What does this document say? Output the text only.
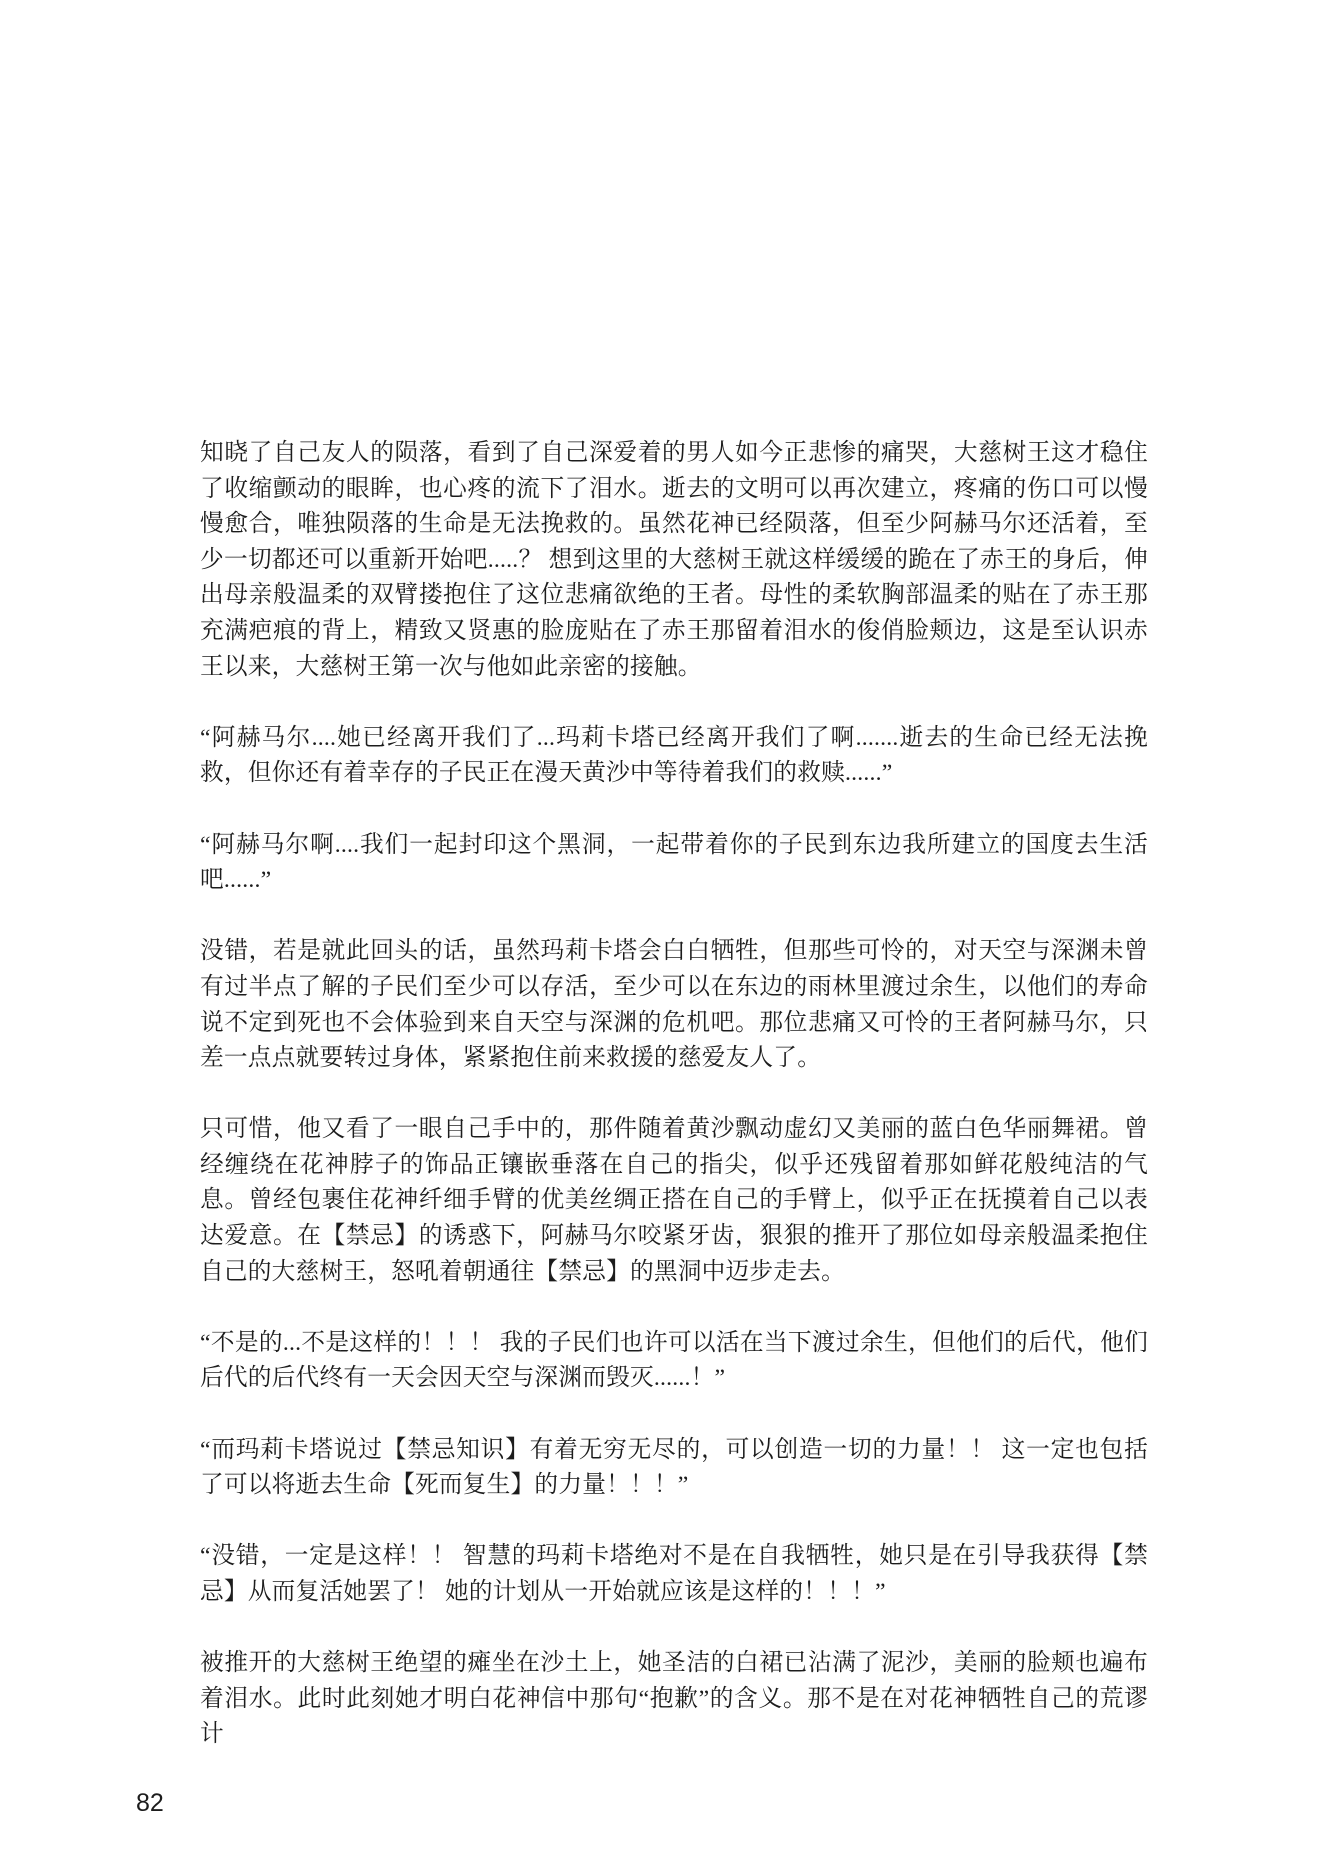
知晓了自己友人的陨落，看到了自己深爱着的男人如今正悲惨的痛哭，大慈树王这才稳住了收缩颤动的眼眸，也心疼的流下了泪水。逝去的文明可以再次建立，疼痛的伤口可以慢慢愈合，唯独陨落的生命是无法挽救的。虽然花神已经陨落，但至少阿赫马尔还活着，至少一切都还可以重新开始吧.....？ 想到这里的大慈树王就这样缓缓的跪在了赤王的身后，伸出母亲般温柔的双臂搂抱住了这位悲痛欲绝的王者。母性的柔软胸部温柔的贴在了赤王那充满疤痕的背上，精致又贤惠的脸庞贴在了赤王那留着泪水的俊俏脸颊边，这是至认识赤王以来，大慈树王第一次与他如此亲密的接触。

“阿赫马尔....她已经离开我们了...玛莉卡塔已经离开我们了啊.......逝去的生命已经无法挽救，但你还有着幸存的子民正在漫天黄沙中等待着我们的救赎......”

“阿赫马尔啊....我们一起封印这个黑洞，一起带着你的子民到东边我所建立的国度去生活吧......”

没错，若是就此回头的话，虽然玛莉卡塔会白白牺牲，但那些可怜的，对天空与深渊未曾有过半点了解的子民们至少可以存活，至少可以在东边的雨林里渡过余生，以他们的寿命说不定到死也不会体验到来自天空与深渊的危机吧。那位悲痛又可怜的王者阿赫马尔，只差一点点就要转过身体，紧紧抱住前来救援的慈爱友人了。

只可惜，他又看了一眼自己手中的，那件随着黄沙飘动虚幻又美丽的蓝白色华丽舞裙。曾经缠绕在花神脖子的饰品正镶嵌垂落在自己的指尖，似乎还残留着那如鲜花般纯洁的气息。曾经包裹住花神纤细手臂的优美丝绸正搭在自己的手臂上，似乎正在抚摸着自己以表达爱意。在【禁忌】的诱惑下，阿赫马尔咬紧牙齿，狠狠的推开了那位如母亲般温柔抱住自己的大慈树王，怒吼着朝通往【禁忌】的黑洞中迈步走去。

“不是的...不是这样的！！！ 我的子民们也许可以活在当下渡过余生，但他们的后代，他们后代的后代终有一天会因天空与深渊而毁灭......！”

“而玛莉卡塔说过【禁忌知识】有着无穷无尽的，可以创造一切的力量！！ 这一定也包括了可以将逝去生命【死而复生】的力量！！！”

“没错，一定是这样！！ 智慧的玛莉卡塔绝对不是在自我牺牲，她只是在引导我获得【禁忌】从而复活她罢了！ 她的计划从一开始就应该是这样的！！！”

被推开的大慈树王绝望的瘫坐在沙土上，她圣洁的白裙已沾满了泥沙，美丽的脸颊也遍布着泪水。此时此刻她才明白花神信中那句“抱歉”的含义。那不是在对花神牺牲自己的荒谬计

82
